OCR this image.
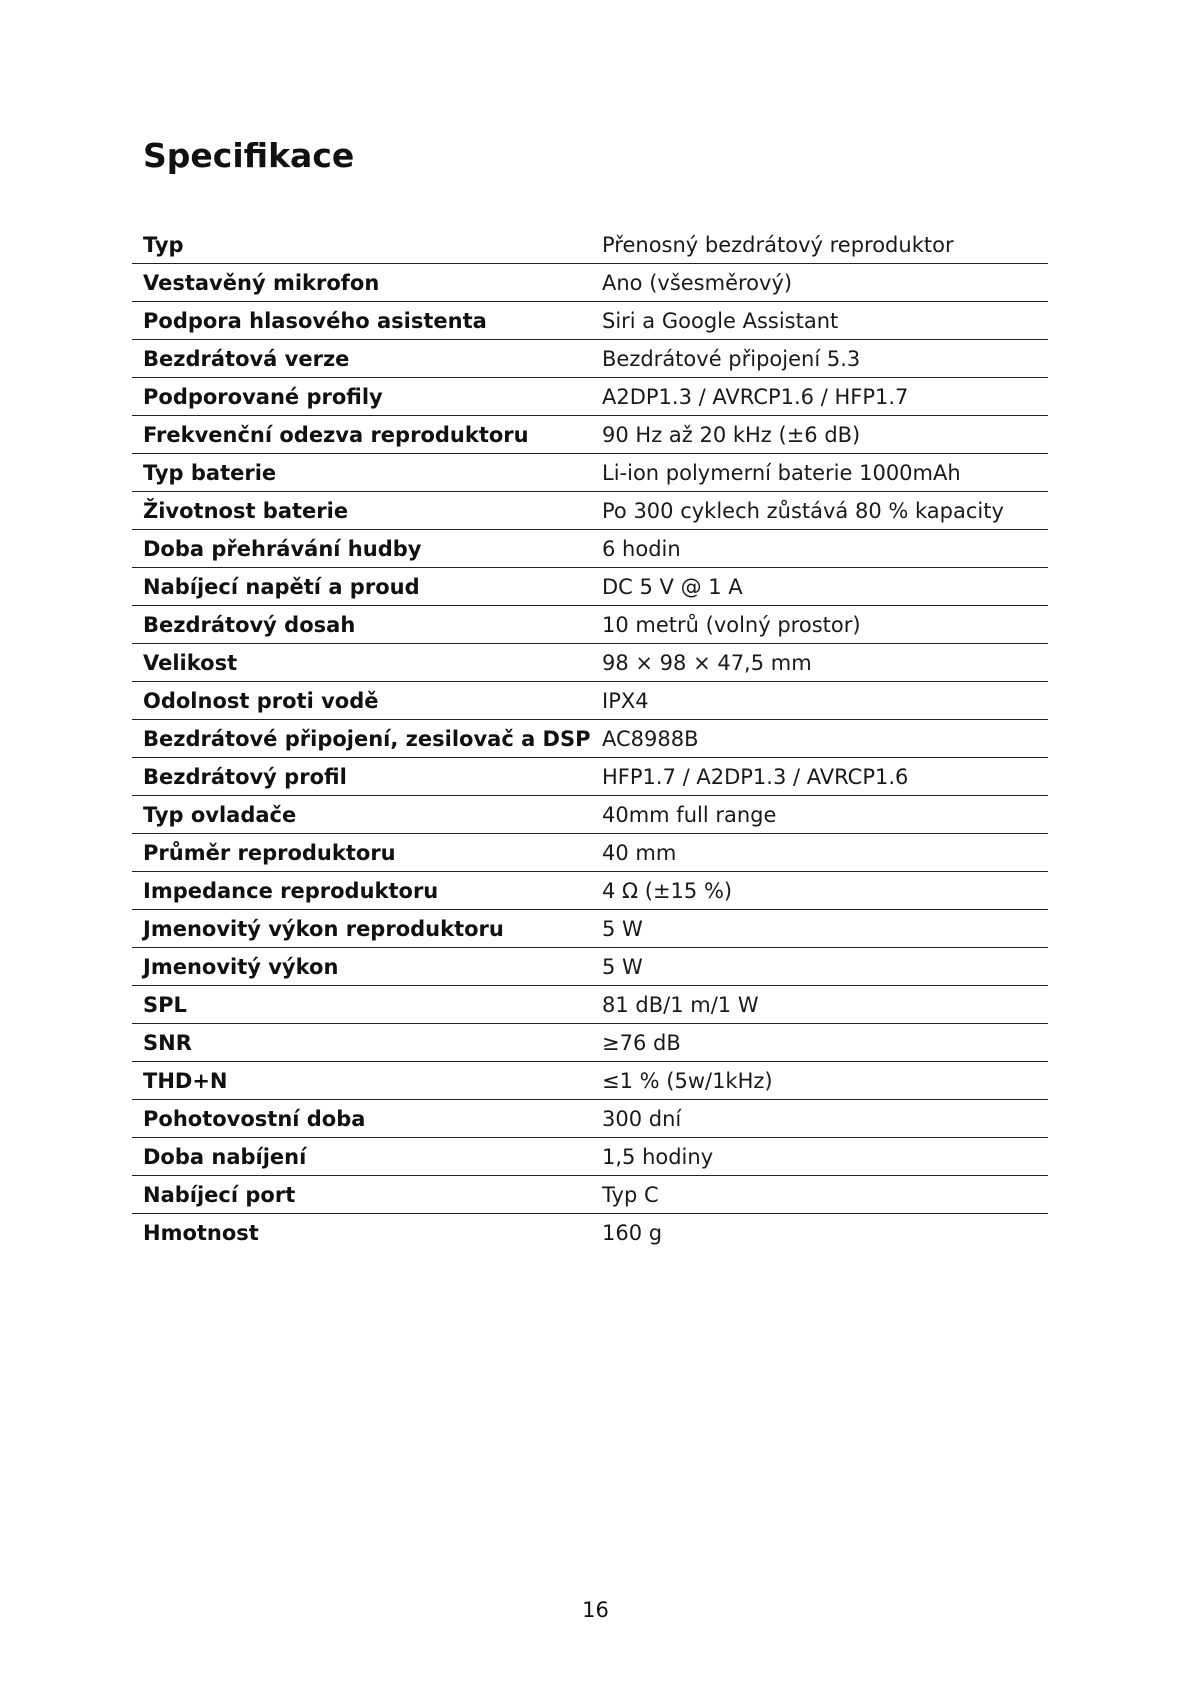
Specifikace
Typ	Přenosný bezdrátový reproduktor
Vestavěný mikrofon	Ano (všesměrový)
Podpora hlasového asistenta	Siri a Google Assistant
Bezdrátová verze	Bezdrátové připojení 5.3
Podporované profily	A2DP1.3 / AVRCP1.6 / HFP1.7
Frekvenční odezva reproduktoru	90 Hz až 20 kHz (±6 dB)
Typ baterie	Li-ion polymerní baterie 1000mAh
Životnost baterie	Po 300 cyklech zůstává 80 % kapacity
Doba přehrávání hudby	6 hodin
Nabíjecí napětí a proud	DC 5 V @ 1 A
Bezdrátový dosah	10 metrů (volný prostor)
Velikost	98 × 98 × 47,5 mm
Odolnost proti vodě	IPX4
Bezdrátové připojení, zesilovač a DSP	AC8988B
Bezdrátový profil	HFP1.7 / A2DP1.3 / AVRCP1.6
Typ ovladače	40mm full range
Průměr reproduktoru	40 mm
Impedance reproduktoru	4 Ω (±15 %)
Jmenovitý výkon reproduktoru	5 W
Jmenovitý výkon	5 W
SPL	81 dB/1 m/1 W
SNR	≥76 dB
THD+N	≤1 % (5w/1kHz)
Pohotovostní doba	300 dní
Doba nabíjení	1,5 hodiny
Nabíjecí port	Typ C
Hmotnost	160 g
16
